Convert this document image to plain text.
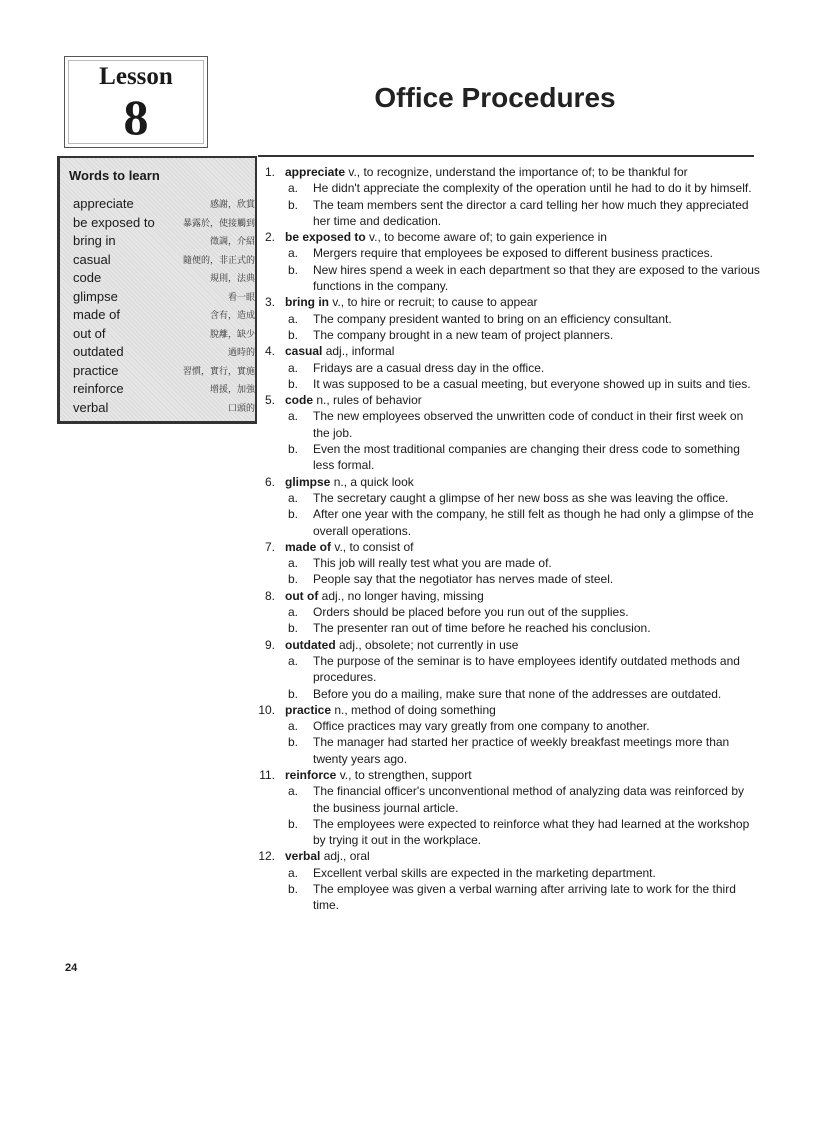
Lesson
8	Office Procedures
Words to learn
appreciate	感謝，欣賞
be exposed to	暴露於，使接觸到
bring in	徵調，介紹
casual	隨便的，非正式的
code	規則，法典
glimpse	看一眼
made of	含有，造成
out of	脫離，缺少
outdated	過時的
practice	習慣，實行，實施
reinforce	增援，加強
verbal	口頭的
1. appreciate v., to recognize, understand the importance of; to be thankful for
a. He didn't appreciate the complexity of the operation until he had to do it by himself.

b. The team members sent the director a card telling her how much they appreciated her time and dedication.

2. be exposed to v., to become aware of; to gain experience in
a. Mergers require that employees be exposed to different business practices.

b. New hires spend a week in each department so that they are exposed to the various functions in the company.

3. bring in v., to hire or recruit; to cause to appear
a. The company president wanted to bring on an efficiency consultant.

b. The company brought in a new team of project planners.

4. casual adj., informal
a. Fridays are a casual dress day in the office.

b. It was supposed to be a casual meeting, but everyone showed up in suits and ties.

5. code n., rules of behavior
a. The new employees observed the unwritten code of conduct in their first week on the job.

b. Even the most traditional companies are changing their dress code to something less formal.

6. glimpse n., a quick look
a. The secretary caught a glimpse of her new boss as she was leaving the office.

b. After one year with the company, he still felt as though he had only a glimpse of the overall operations.

7. made of v., to consist of
a. This job will really test what you are made of.

b. People say that the negotiator has nerves made of steel.

8. out of adj., no longer having, missing
a. Orders should be placed before you run out of the supplies.

b. The presenter ran out of time before he reached his conclusion.

9. outdated adj., obsolete; not currently in use
a. The purpose of the seminar is to have employees identify outdated methods and procedures.

b. Before you do a mailing, make sure that none of the addresses are outdated.

10. practice n., method of doing something
a. Office practices may vary greatly from one company to another.

b. The manager had started her practice of weekly breakfast meetings more than twenty years ago.

11. reinforce v., to strengthen, support
a. The financial officer's unconventional method of analyzing data was reinforced by the business journal article.

b. The employees were expected to reinforce what they had learned at the workshop by trying it out in the workplace.

12. verbal adj., oral
a. Excellent verbal skills are expected in the marketing department.

b. The employee was given a verbal warning after arriving late to work for the third time.

24
